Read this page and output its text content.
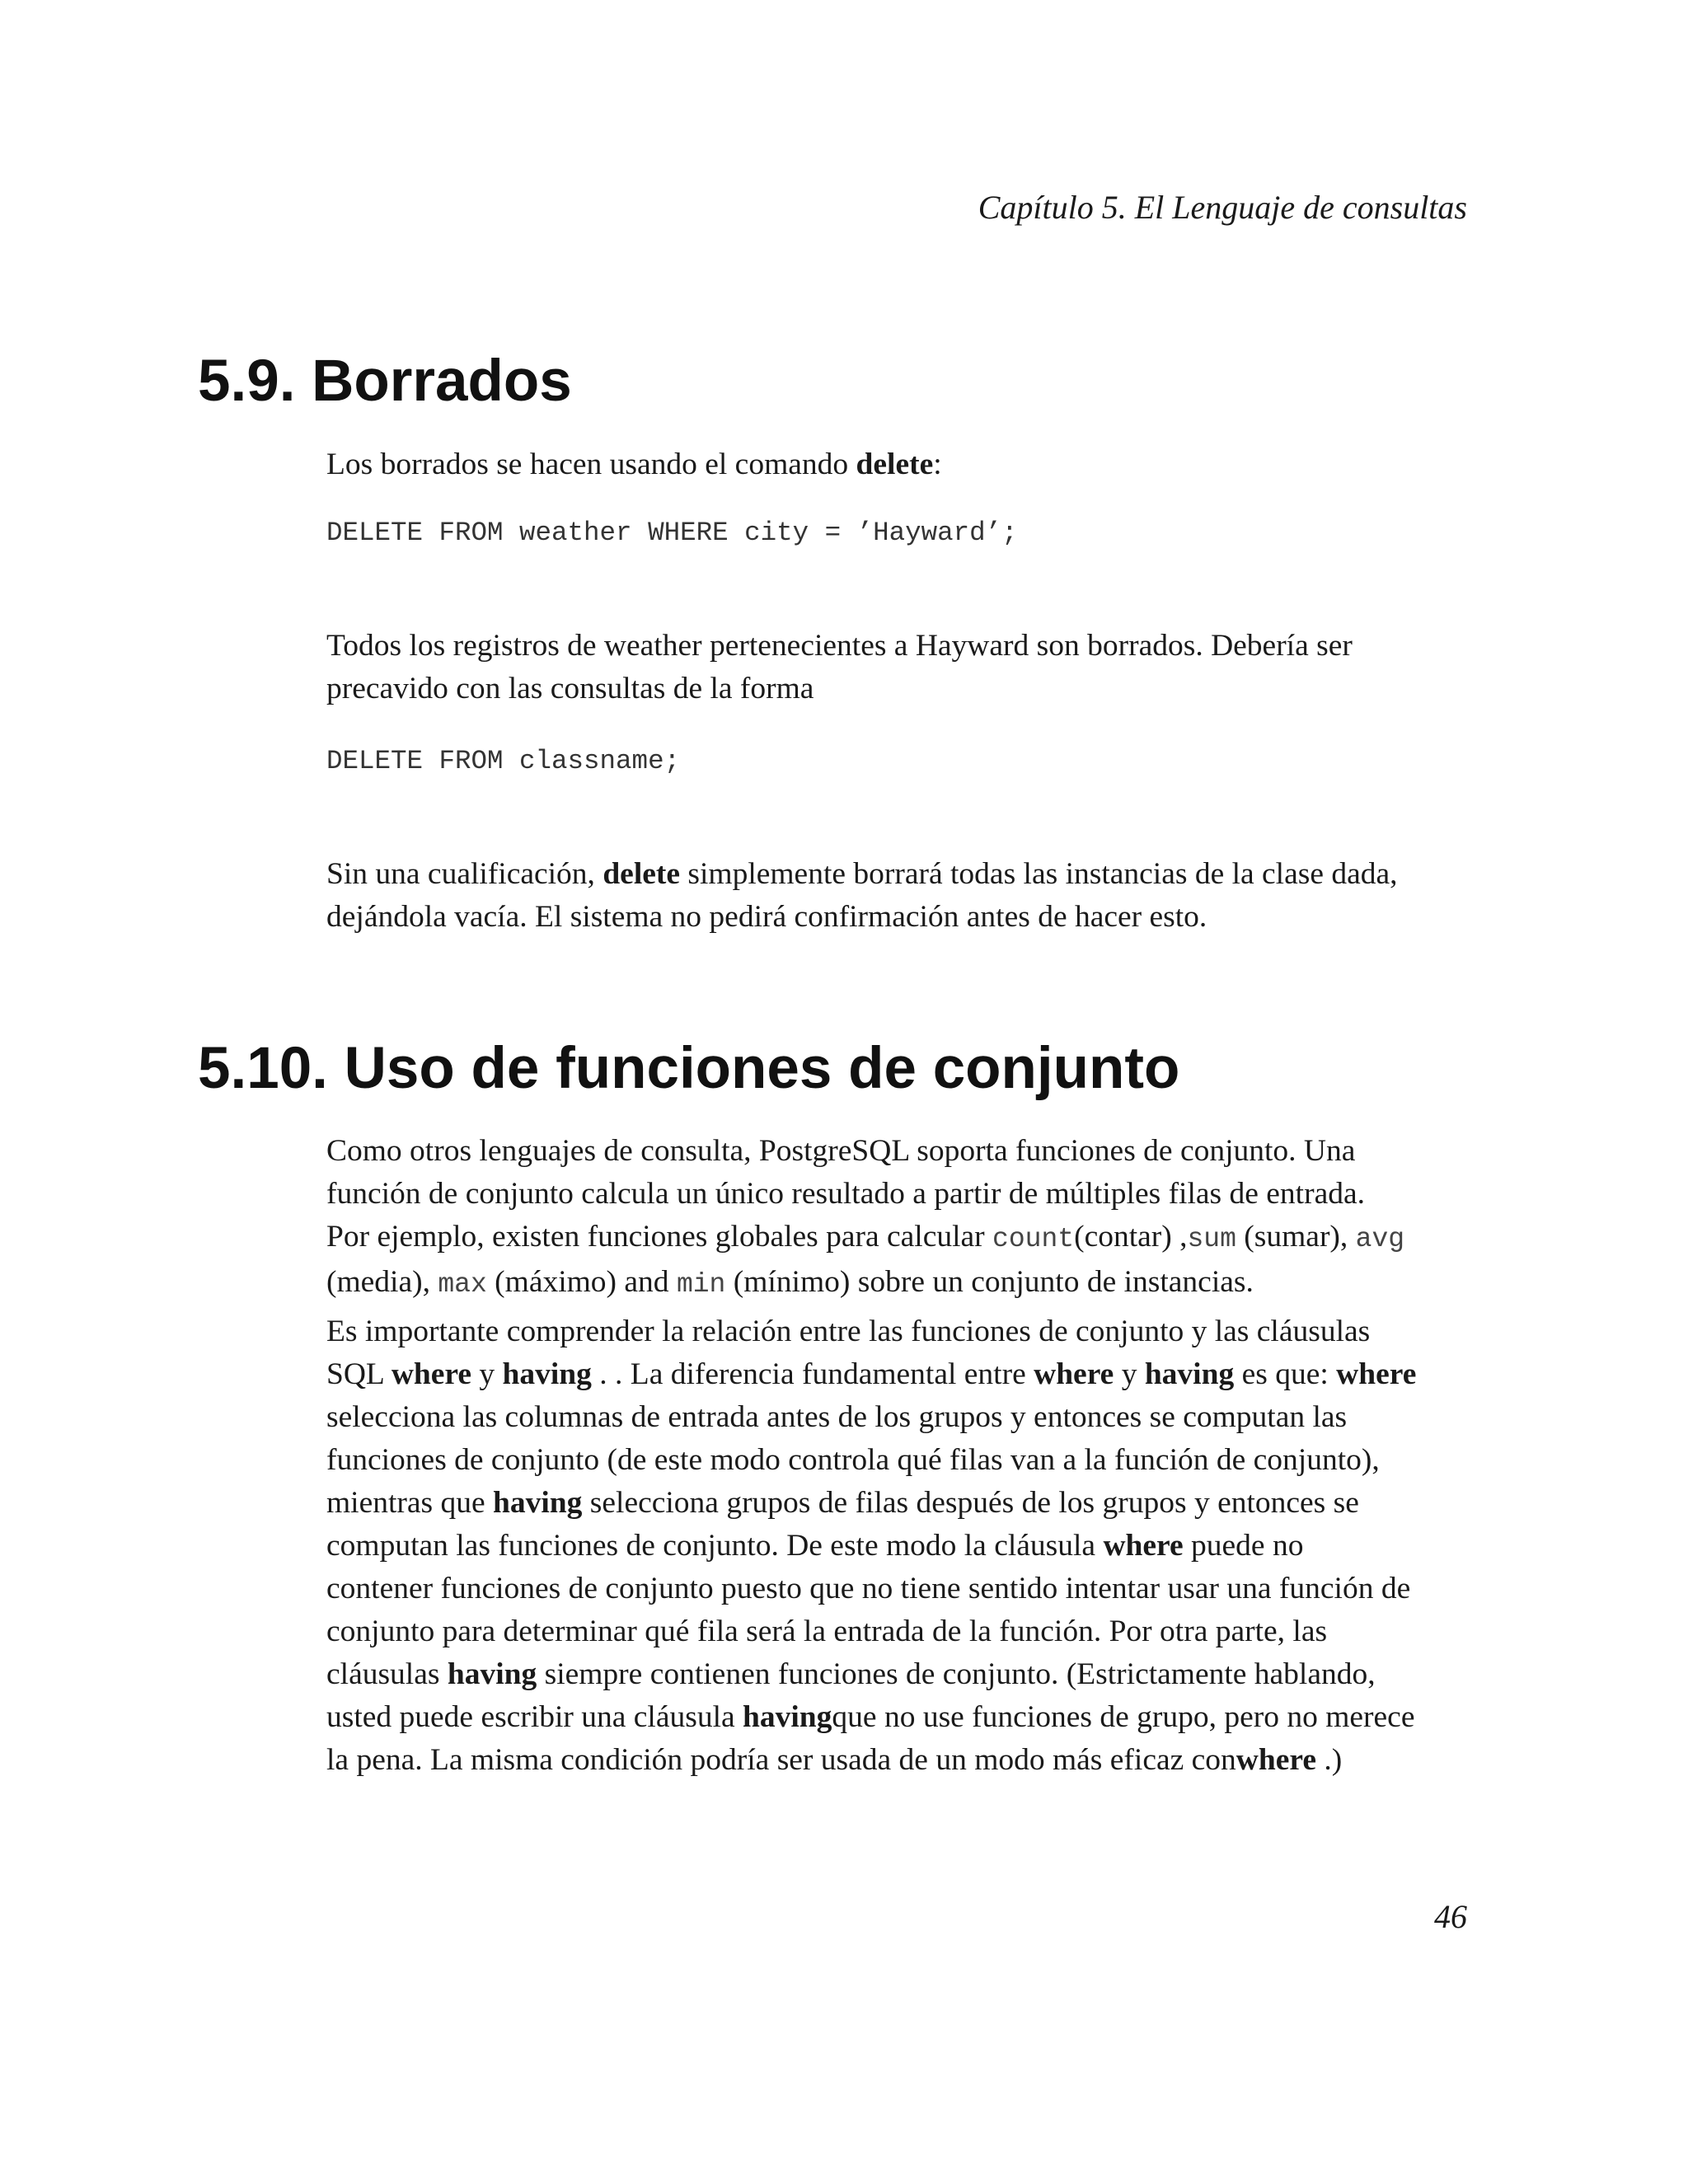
Capítulo 5. El Lenguaje de consultas
5.9. Borrados

Los borrados se hacen usando el comando delete:

DELETE FROM weather WHERE city = ’Hayward’;

Todos los registros de weather pertenecientes a Hayward son borrados. Debería ser

precavido con las consultas de la forma

DELETE FROM classname;

Sin una cualificación, delete simplemente borrará todas las instancias de la clase dada,

dejándola vacía. El sistema no pedirá confirmación antes de hacer esto.

5.10. Uso de funciones de conjunto

Como otros lenguajes de consulta, PostgreSQL soporta funciones de conjunto. Una

función de conjunto calcula un único resultado a partir de múltiples filas de entrada.

Por ejemplo, existen funciones globales para calcular count(contar) ,sum (sumar), avg

(media), max (máximo) and min (mínimo) sobre un conjunto de instancias.

Es importante comprender la relación entre las funciones de conjunto y las cláusulas

SQL where y having . . La diferencia fundamental entre where y having es que: where

selecciona las columnas de entrada antes de los grupos y entonces se computan las

funciones de conjunto (de este modo controla qué filas van a la función de conjunto),

mientras que having selecciona grupos de filas después de los grupos y entonces se

computan las funciones de conjunto. De este modo la cláusula where puede no

contener funciones de conjunto puesto que no tiene sentido intentar usar una función de

conjunto para determinar qué fila será la entrada de la función. Por otra parte, las

cláusulas having siempre contienen funciones de conjunto. (Estrictamente hablando,

usted puede escribir una cláusula havingque no use funciones de grupo, pero no merece

la pena. La misma condición podría ser usada de un modo más eficaz conwhere .)

46
